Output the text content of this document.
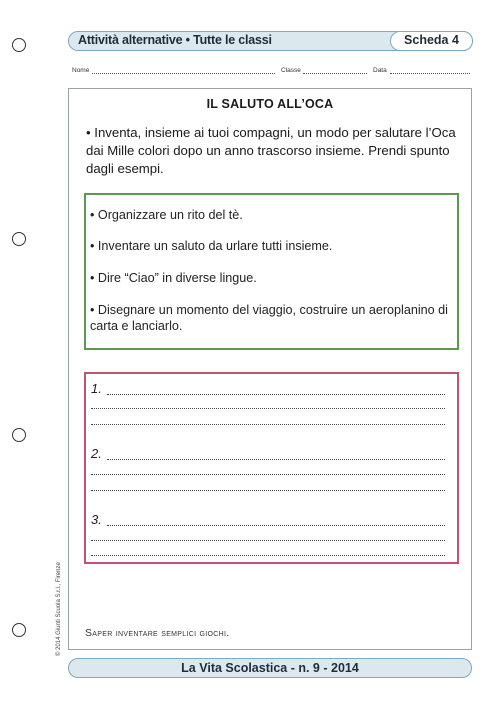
Attività alternative • Tutte le classi	Scheda 4
Nome	Classe	Data
IL SALUTO ALL’OCA
• Inventa, insieme ai tuoi compagni, un modo per salutare l’Oca dai Mille colori dopo un anno trascorso insieme. Prendi spunto dagli esempi.
• Organizzare un rito del tè.
• Inventare un saluto da urlare tutti insieme.
• Dire “Ciao” in diverse lingue.
• Disegnare un momento del viaggio, costruire un aeroplanino di carta e lanciarlo.
1.
2.
3.
Saper inventare semplici giochi.
© 2014 Giunti Scuola S.r.l., Firenze
La Vita Scolastica - n. 9 - 2014
